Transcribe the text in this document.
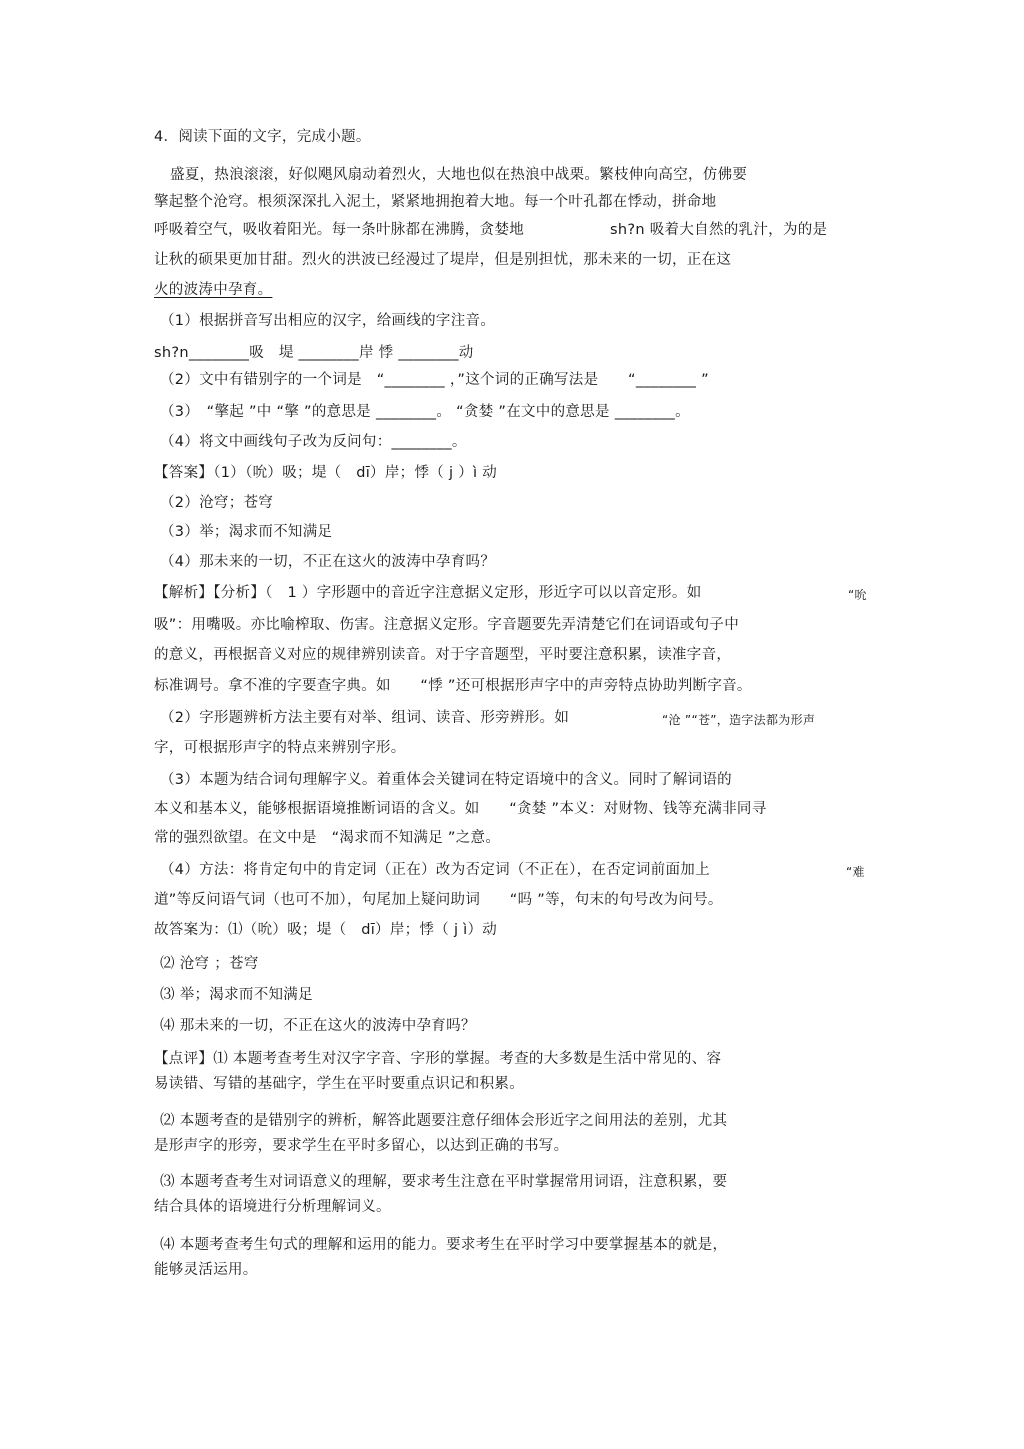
4．阅读下面的文字，完成小题。
盛夏，热浪滚滚，好似飓风扇动着烈火，大地也似在热浪中战栗。繁枝伸向高空，仿佛要
擎起整个沧穹。根须深深扎入泥土，紧紧地拥抱着大地。每一个叶孔都在悸动，拼命地
呼吸着空气，吸收着阳光。每一条叶脉都在沸腾，贪婪地	sh?n 吸着大自然的乳汁，为的是
让秋的硕果更加甘甜。烈火的洪波已经漫过了堤岸，但是别担忧，那未来的一切，正在这
火的波涛中孕育。
（1）根据拼音写出相应的汉字，给画线的字注音。
sh?n________吸　堤 ________岸 悸 ________动
（2）文中有错别字的一个词是　“________ ，”这个词的正确写法是　　“________ ”
（3）　“擎起 ”中 “擎 ”的意思是 ________。 “贪婪 ”在文中的意思是 ________。
（4）将文中画线句子改为反问句：________。
【答案】（1）（吮）吸；堤（　dī）岸；悸（ j ）ì 动
（2）沧穹；苍穹
（3）举；渴求而不知满足
（4）那未来的一切，不正在这火的波涛中孕育吗？
【解析】【分析】（　1 ）字形题中的音近字注意据义定形，形近字可以以音定形。如	“吮
吸”：用嘴吸。亦比喻榨取、伤害。注意据义定形。字音题要先弄清楚它们在词语或句子中
的意义，再根据音义对应的规律辨别读音。对于字音题型，平时要注意积累，读准字音，
标准调号。拿不准的字要查字典。如　　“悸 ”还可根据形声字中的声旁特点协助判断字音。
（2）字形题辨析方法主要有对举、组词、读音、形旁辨形。如	“沧 ”“苍”，造字法都为形声
字，可根据形声字的特点来辨别字形。
（3）本题为结合词句理解字义。着重体会关键词在特定语境中的含义。同时了解词语的
本义和基本义，能够根据语境推断词语的含义。如　　“贪婪 ”本义：对财物、钱等充满非同寻
常的强烈欲望。在文中是　“渴求而不知满足 ”之意。
（4）方法：将肯定句中的肯定词（正在）改为否定词（不正在），在否定词前面加上	“难
道”等反问语气词（也可不加），句尾加上疑问助词　　“吗 ”等，句末的句号改为问号。
故答案为：⑴（吮）吸；堤（　dī）岸；悸（ j ì）动
⑵ 沧穹 ；苍穹
⑶ 举；渴求而不知满足
⑷ 那未来的一切，不正在这火的波涛中孕育吗？
【点评】⑴ 本题考查考生对汉字字音、字形的掌握。考查的大多数是生活中常见的、容
易读错、写错的基础字，学生在平时要重点识记和积累。
⑵ 本题考查的是错别字的辨析，解答此题要注意仔细体会形近字之间用法的差别，尤其
是形声字的形旁，要求学生在平时多留心，以达到正确的书写。
⑶ 本题考查考生对词语意义的理解，要求考生注意在平时掌握常用词语，注意积累，要
结合具体的语境进行分析理解词义。
⑷ 本题考查考生句式的理解和运用的能力。要求考生在平时学习中要掌握基本的就是，
能够灵活运用。
